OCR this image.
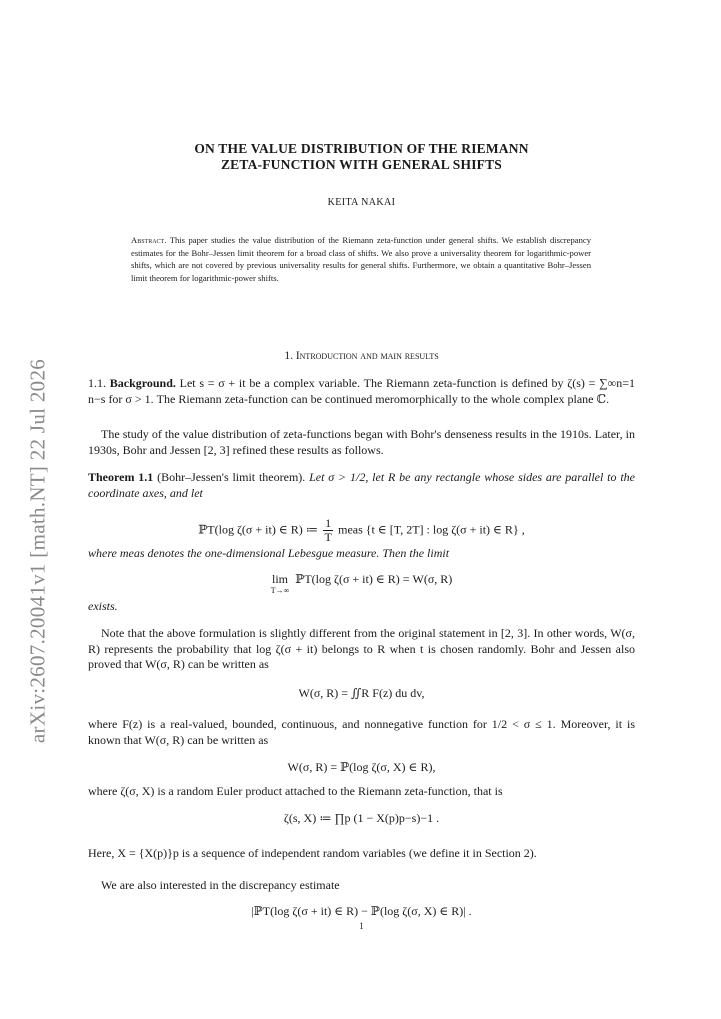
arXiv:2607.20041v1 [math.NT] 22 Jul 2026
ON THE VALUE DISTRIBUTION OF THE RIEMANN
ZETA-FUNCTION WITH GENERAL SHIFTS
KEITA NAKAI
Abstract. This paper studies the value distribution of the Riemann zeta-function under general shifts. We establish discrepancy estimates for the Bohr–Jessen limit theorem for a broad class of shifts. We also prove a universality theorem for logarithmic-power shifts, which are not covered by previous universality results for general shifts. Furthermore, we obtain a quantitative Bohr–Jessen limit theorem for logarithmic-power shifts.
1. Introduction and main results
1.1. Background. Let s = σ + it be a complex variable. The Riemann zeta-function is defined by ζ(s) = ∑∞n=1 n−s for σ > 1. The Riemann zeta-function can be continued meromorphically to the whole complex plane ℂ.
The study of the value distribution of zeta-functions began with Bohr's denseness results in the 1910s. Later, in 1930s, Bohr and Jessen [2, 3] refined these results as follows.
Theorem 1.1 (Bohr–Jessen's limit theorem). Let σ > 1/2, let R be any rectangle whose sides are parallel to the coordinate axes, and let
ℙT(log ζ(σ + it) ∈ R) ≔ $\frac{1}{T}$ meas {t ∈ [T, 2T] : log ζ(σ + it) ∈ R} ,
where meas denotes the one-dimensional Lebesgue measure. Then the limit
lim
T→∞
ℙT(log ζ(σ + it) ∈ R) = W(σ, R)
exists.
Note that the above formulation is slightly different from the original statement in [2, 3]. In other words, W(σ, R) represents the probability that log ζ(σ + it) belongs to R when t is chosen randomly. Bohr and Jessen also proved that W(σ, R) can be written as
W(σ, R) = ∬R F(z) du dv,
where F(z) is a real-valued, bounded, continuous, and nonnegative function for 1/2 < σ ≤ 1. Moreover, it is known that W(σ, R) can be written as
W(σ, R) = ℙ(log ζ(σ, X) ∈ R),
where ζ(σ, X) is a random Euler product attached to the Riemann zeta-function, that is
ζ(s, X) ≔ ∏p (1 − X(p)p−s)−1 .
Here, X = {X(p)}p is a sequence of independent random variables (we define it in Section 2).
We are also interested in the discrepancy estimate
|ℙT(log ζ(σ + it) ∈ R) − ℙ(log ζ(σ, X) ∈ R)| .
1
